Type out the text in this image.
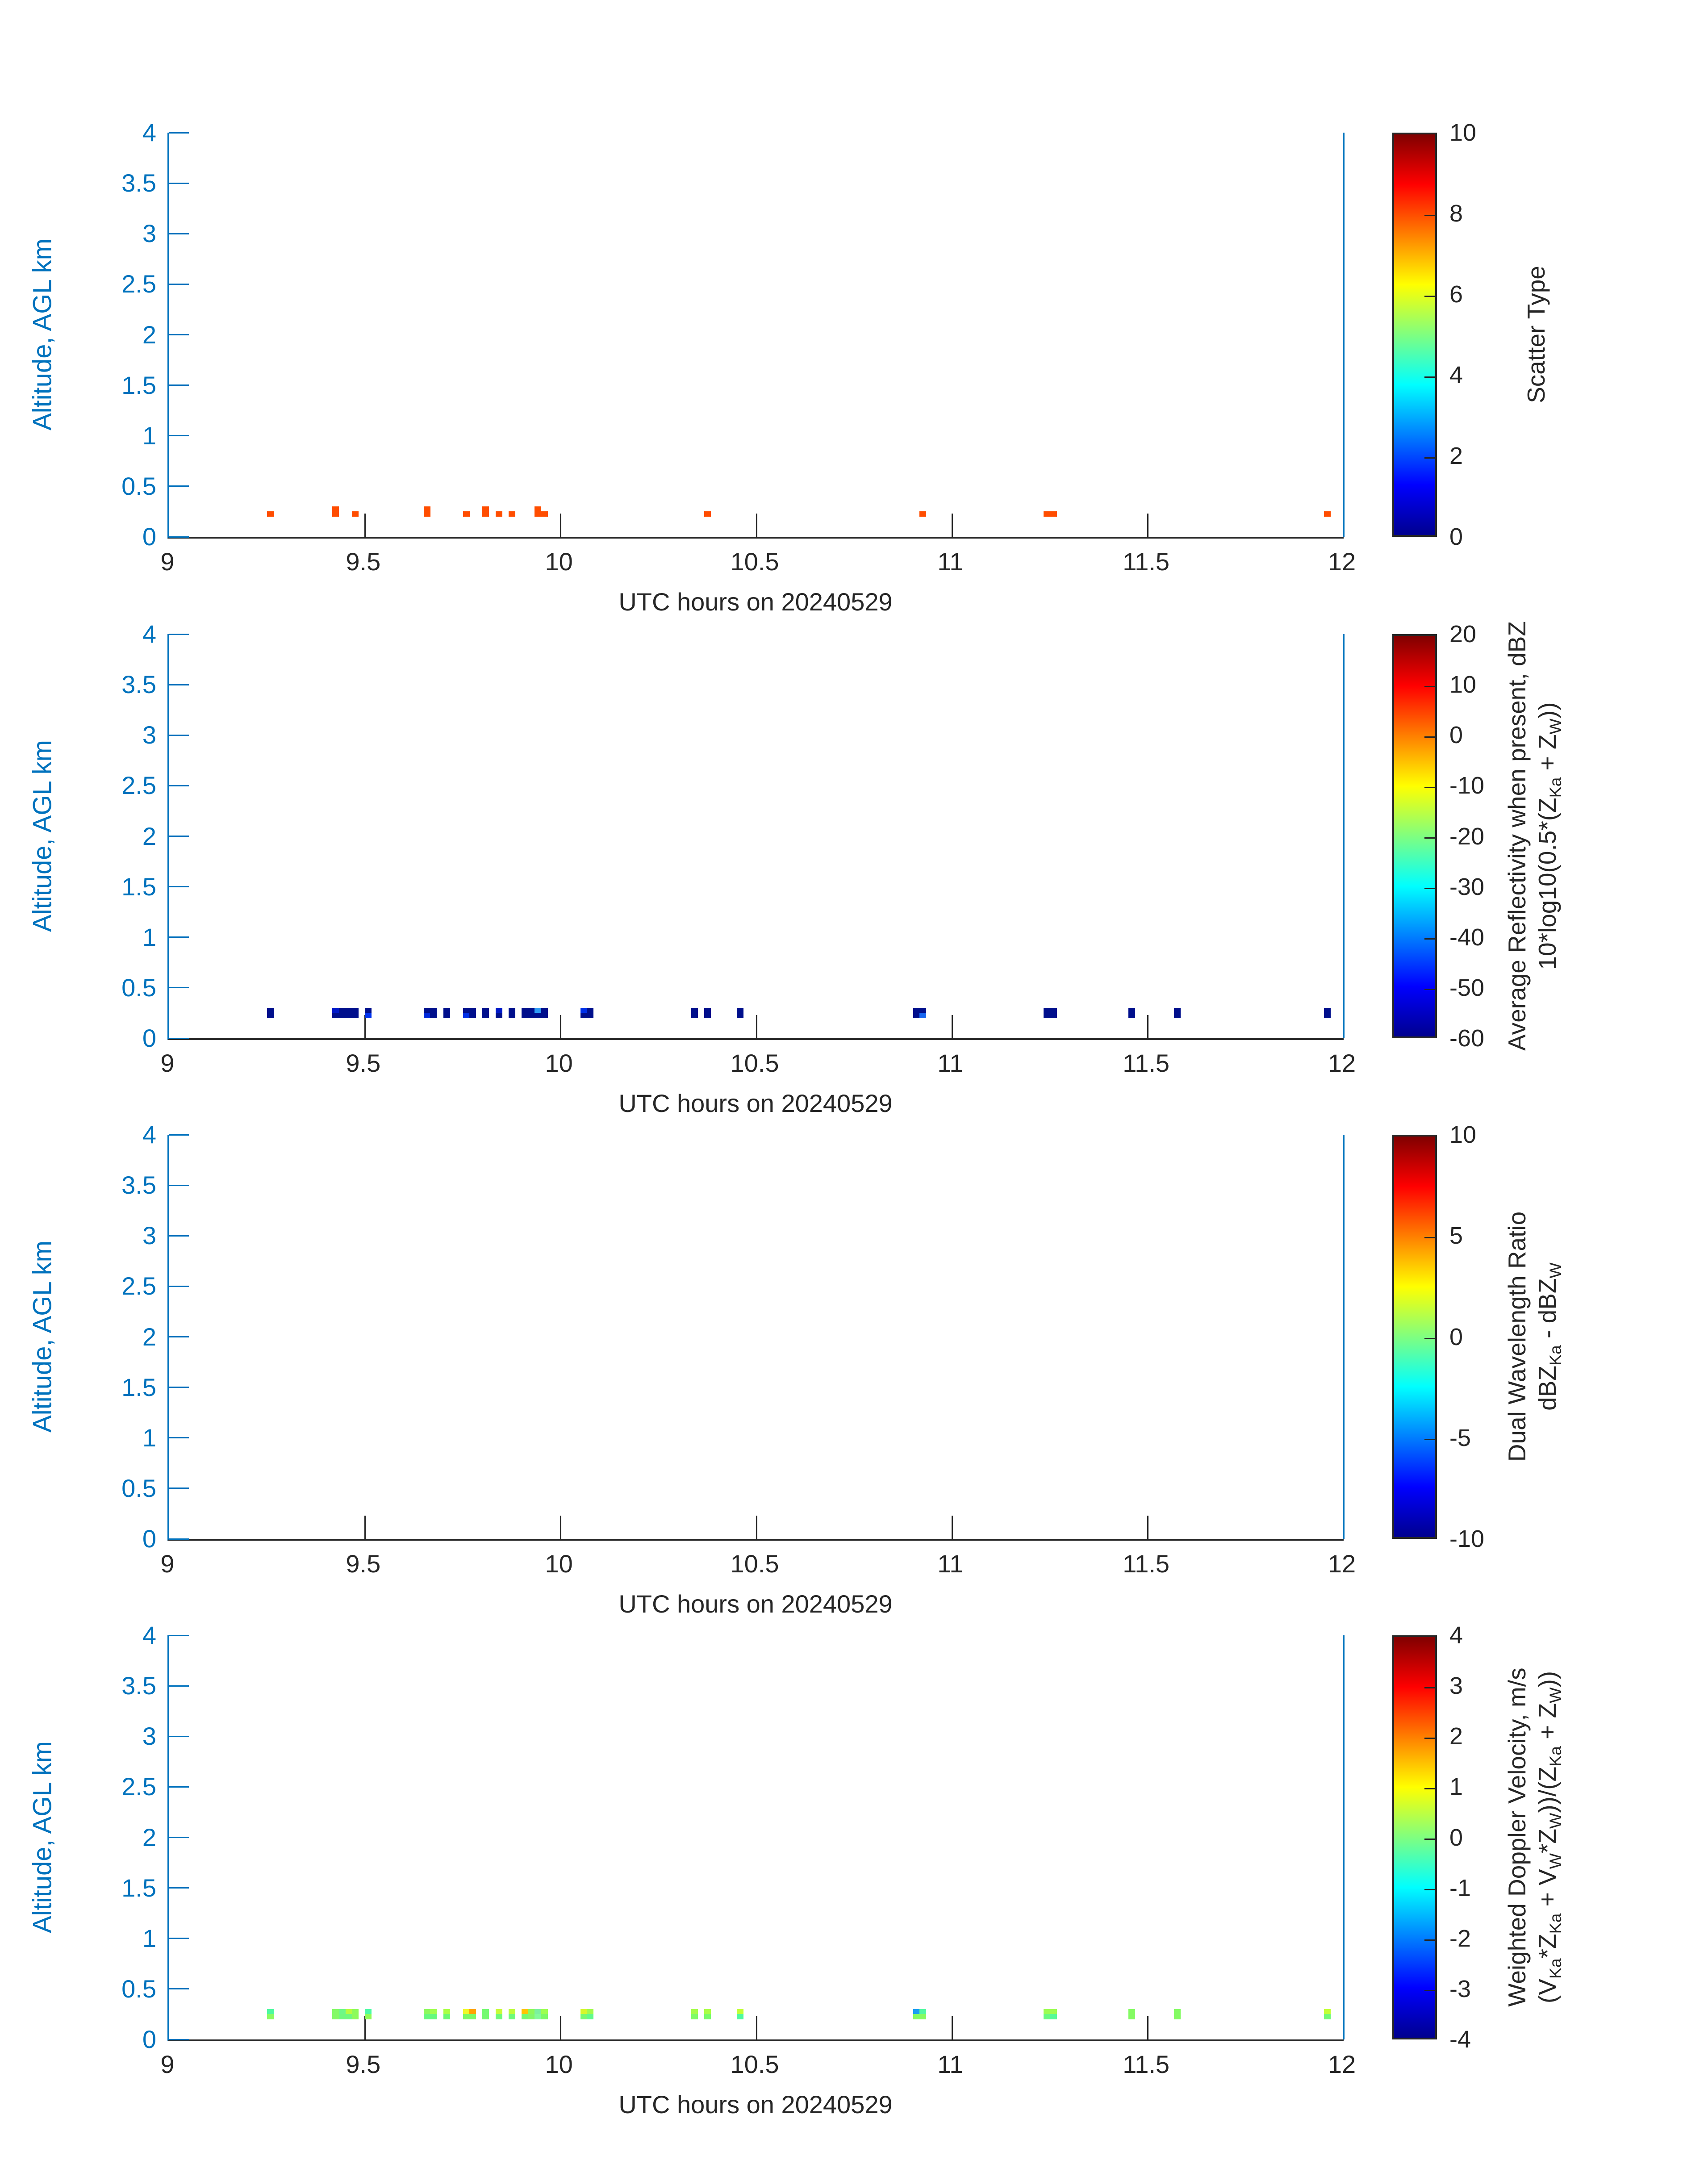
Altitude, AGL km
UTC hours on 20240529
Scatter Type
0
0.5
1
1.5
2
2.5
3
3.5
4
9	9.5	10	10.5	11	11.5	12
0
2
4
6
8
10
Altitude, AGL km
UTC hours on 20240529
Average Reflectivity when present, dBZ $10*\log 10(0.5*(Z_{Ka} + Z_W))$
0
0.5
1
1.5
2
2.5
3
3.5
4
9	9.5	10	10.5	11	11.5	12
-60
-50
-40
-30
-20
-10
0
10
20
Altitude, AGL km
UTC hours on 20240529
Dual Wavelength Ratio dBZ$_{Ka}$ - dBZ$_W$
0
0.5
1
1.5
2
2.5
3
3.5
4
9	9.5	10	10.5	11	11.5	12
-10
-5
0
5
10
Altitude, AGL km
UTC hours on 20240529
Weighted Doppler Velocity, m/s $(V_{Ka}*Z_{Ka} + V_W*Z_W))/(Z_{Ka} + Z_W)$)
0
0.5
1
1.5
2
2.5
3
3.5
4
9	9.5	10	10.5	11	11.5	12
-4
-3
-2
-1
0
1
2
3
4
